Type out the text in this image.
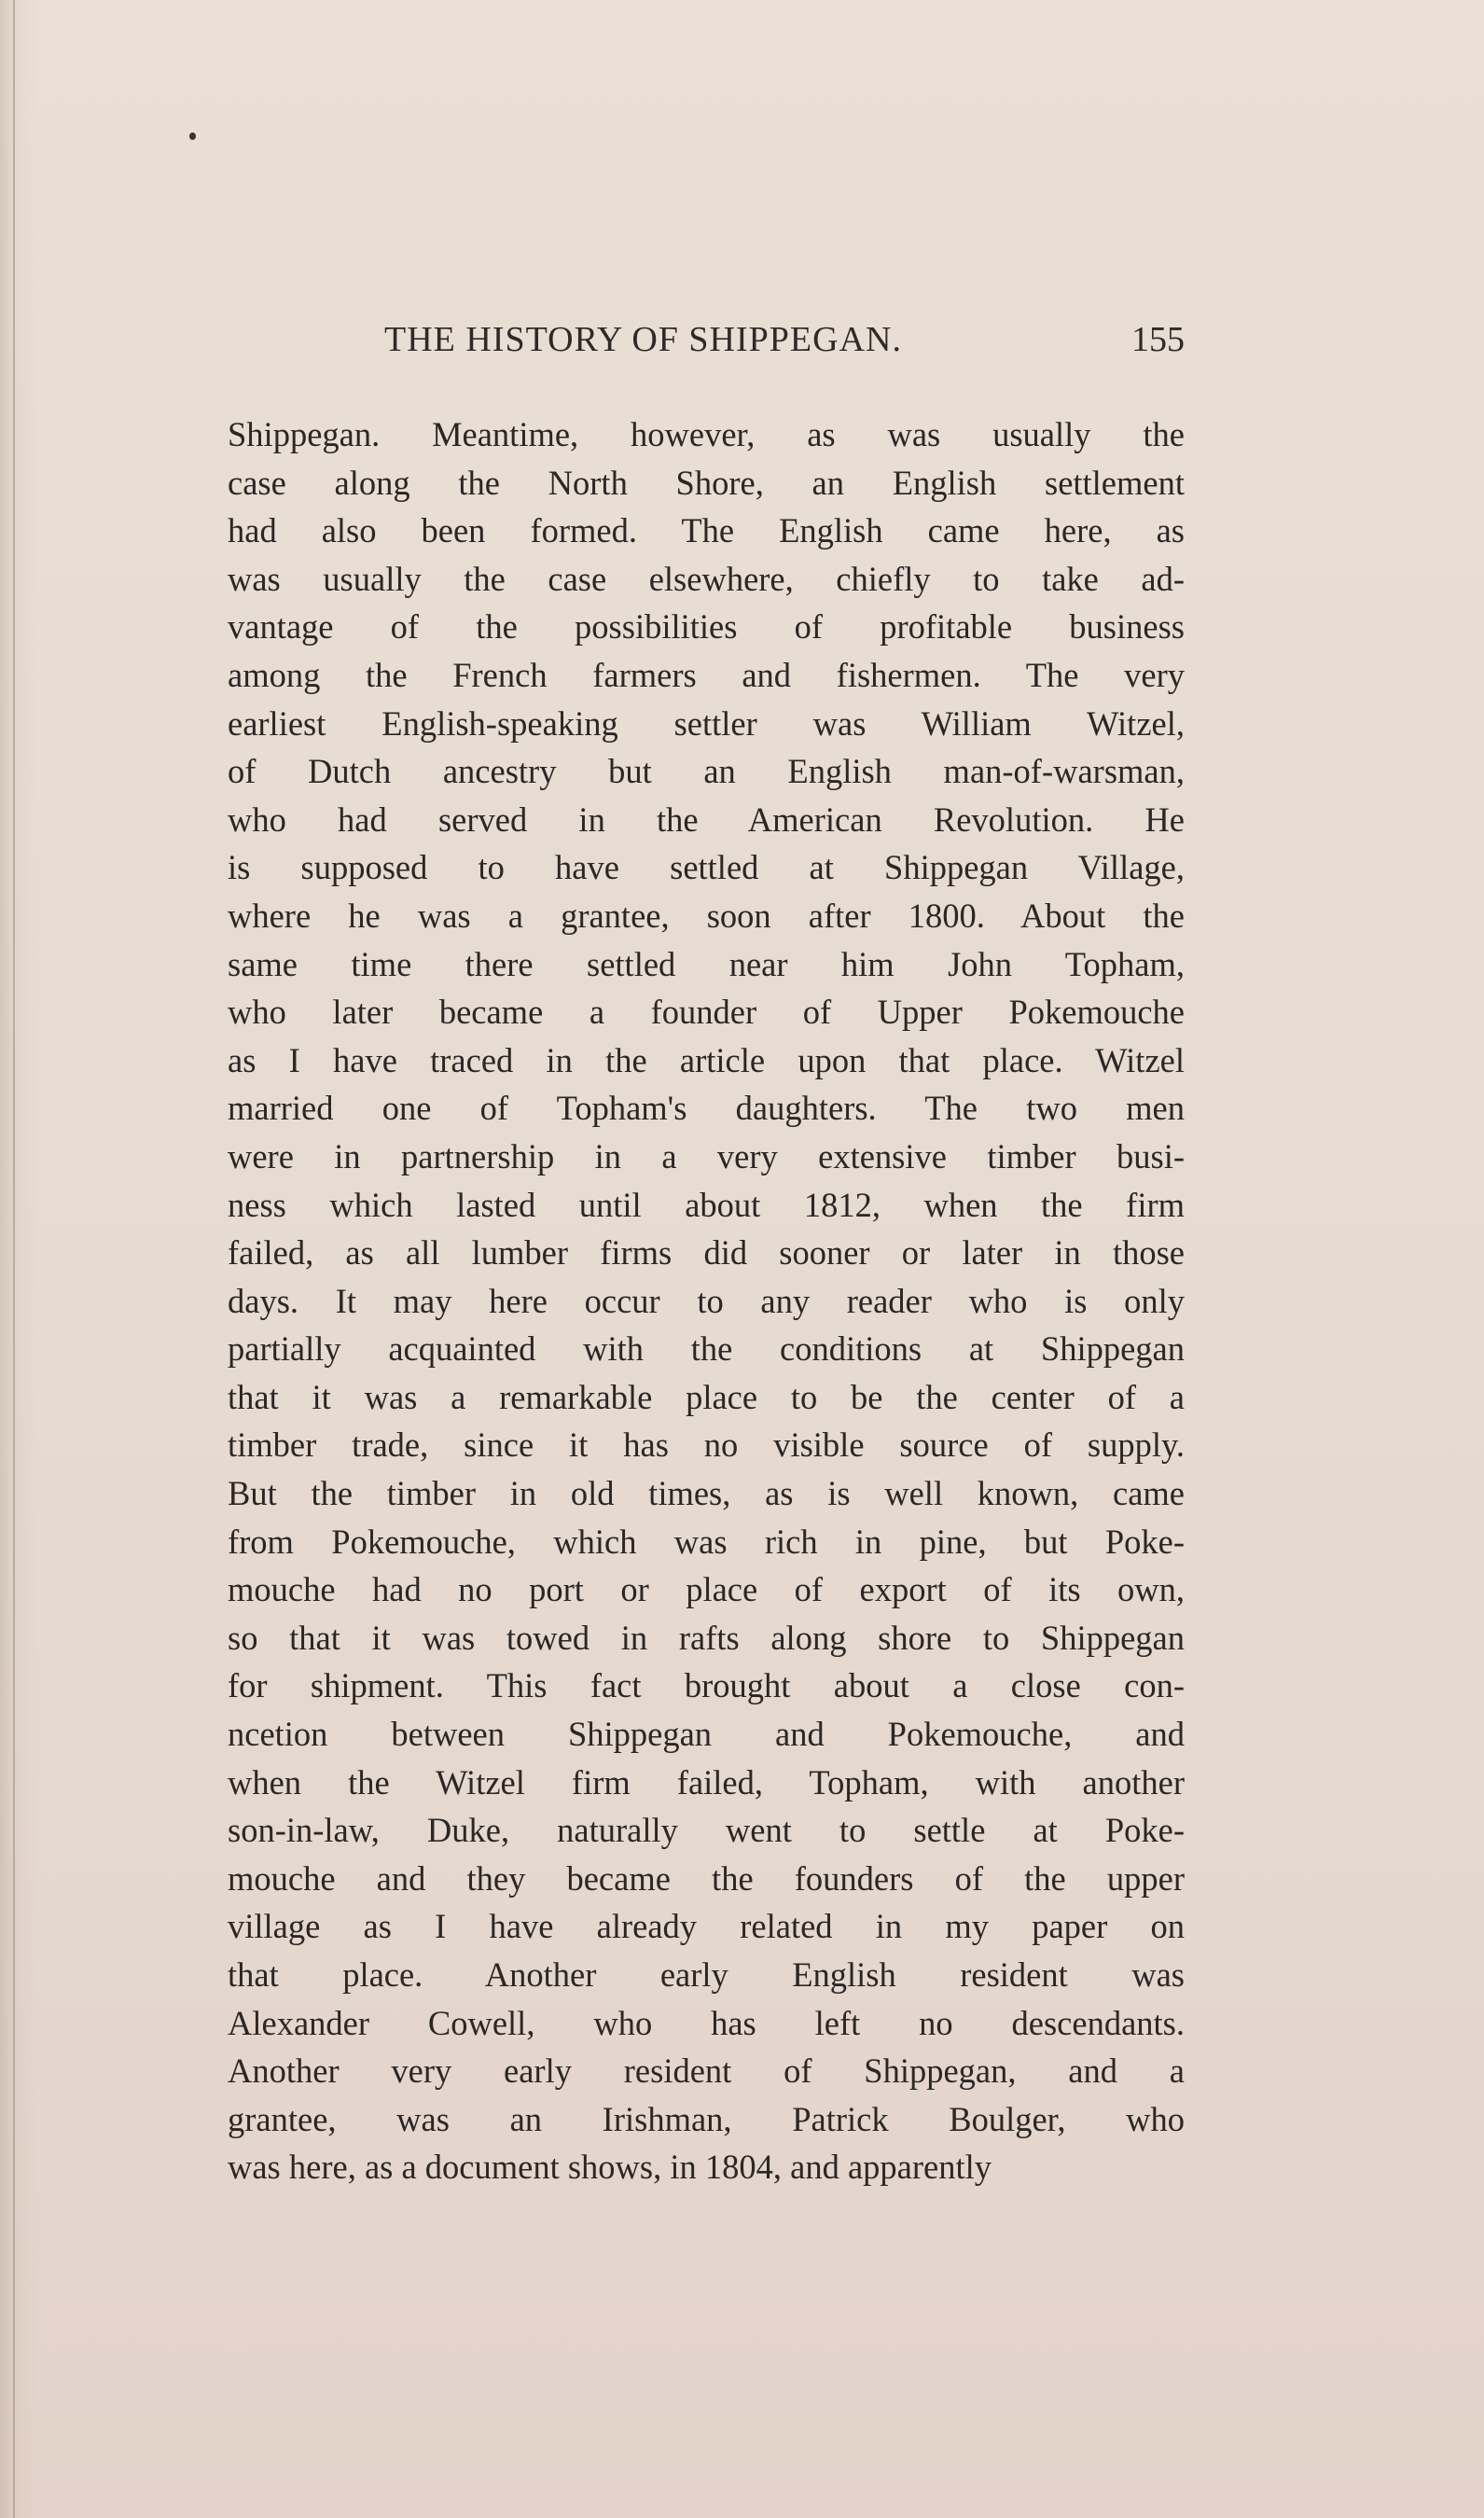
THE HISTORY OF SHIPPEGAN.	155
Shippegan. Meantime, however, as was usually the
case along the North Shore, an English settlement
had also been formed. The English came here, as
was usually the case elsewhere, chiefly to take ad-
vantage of the possibilities of profitable business
among the French farmers and fishermen. The very
earliest English-speaking settler was William Witzel,
of Dutch ancestry but an English man-of-warsman,
who had served in the American Revolution. He
is supposed to have settled at Shippegan Village,
where he was a grantee, soon after 1800. About the
same time there settled near him John Topham,
who later became a founder of Upper Pokemouche
as I have traced in the article upon that place. Witzel
married one of Topham's daughters. The two men
were in partnership in a very extensive timber busi-
ness which lasted until about 1812, when the firm
failed, as all lumber firms did sooner or later in those
days. It may here occur to any reader who is only
partially acquainted with the conditions at Shippegan
that it was a remarkable place to be the center of a
timber trade, since it has no visible source of supply.
But the timber in old times, as is well known, came
from Pokemouche, which was rich in pine, but Poke-
mouche had no port or place of export of its own,
so that it was towed in rafts along shore to Shippegan
for shipment. This fact brought about a close con-
ncetion between Shippegan and Pokemouche, and
when the Witzel firm failed, Topham, with another
son-in-law, Duke, naturally went to settle at Poke-
mouche and they became the founders of the upper
village as I have already related in my paper on
that place. Another early English resident was
Alexander Cowell, who has left no descendants.
Another very early resident of Shippegan, and a
grantee, was an Irishman, Patrick Boulger, who
was here, as a document shows, in 1804, and apparently
